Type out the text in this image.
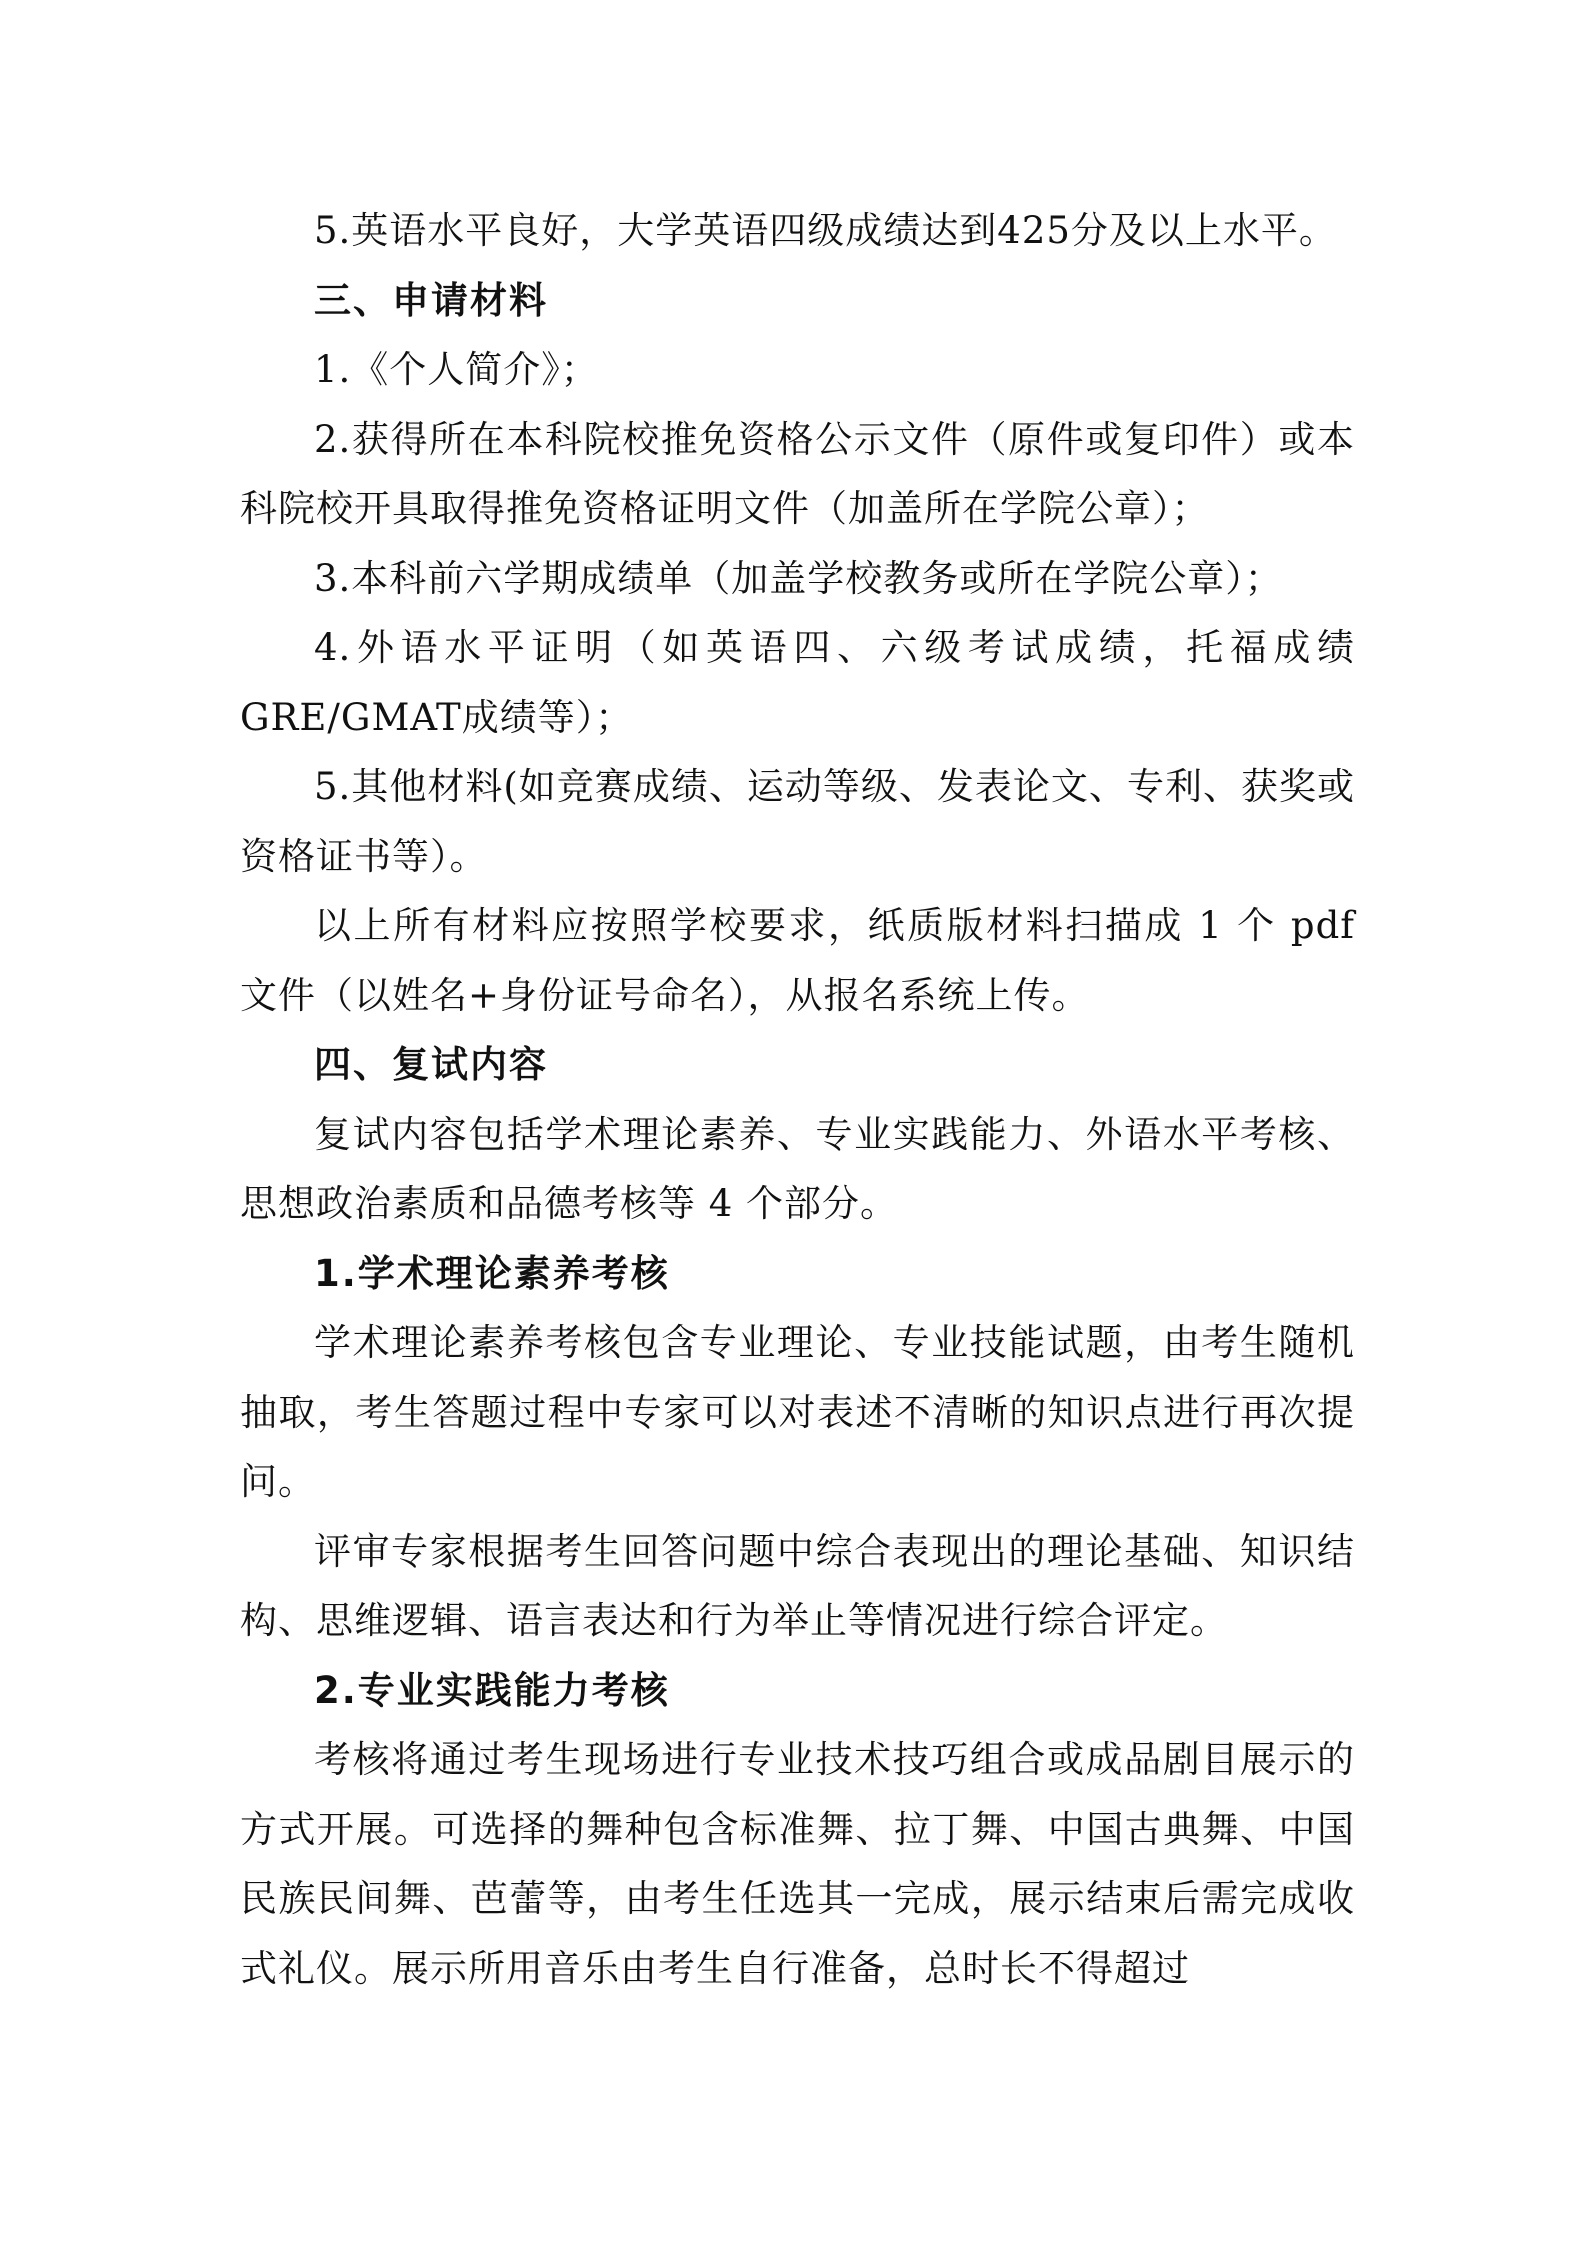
5.英语水平良好，大学英语四级成绩达到425分及以上水平。

三、申请材料

1.《个人简介》；

2.获得所在本科院校推免资格公示文件（原件或复印件）或本科院校开具取得推免资格证明文件（加盖所在学院公章）；

3.本科前六学期成绩单（加盖学校教务或所在学院公章）；

4.外语水平证明（如英语四、六级考试成绩，托福成绩GRE/GMAT成绩等）；

5.其他材料(如竞赛成绩、运动等级、发表论文、专利、获奖或资格证书等）。

以上所有材料应按照学校要求，纸质版材料扫描成 1 个 pdf 文件（以姓名+身份证号命名），从报名系统上传。

四、复试内容

复试内容包括学术理论素养、专业实践能力、外语水平考核、思想政治素质和品德考核等 4 个部分。

1.学术理论素养考核

学术理论素养考核包含专业理论、专业技能试题，由考生随机抽取，考生答题过程中专家可以对表述不清晰的知识点进行再次提问。

评审专家根据考生回答问题中综合表现出的理论基础、知识结构、思维逻辑、语言表达和行为举止等情况进行综合评定。

2.专业实践能力考核

考核将通过考生现场进行专业技术技巧组合或成品剧目展示的方式开展。可选择的舞种包含标准舞、拉丁舞、中国古典舞、中国民族民间舞、芭蕾等，由考生任选其一完成，展示结束后需完成收式礼仪。展示所用音乐由考生自行准备，总时长不得超过
